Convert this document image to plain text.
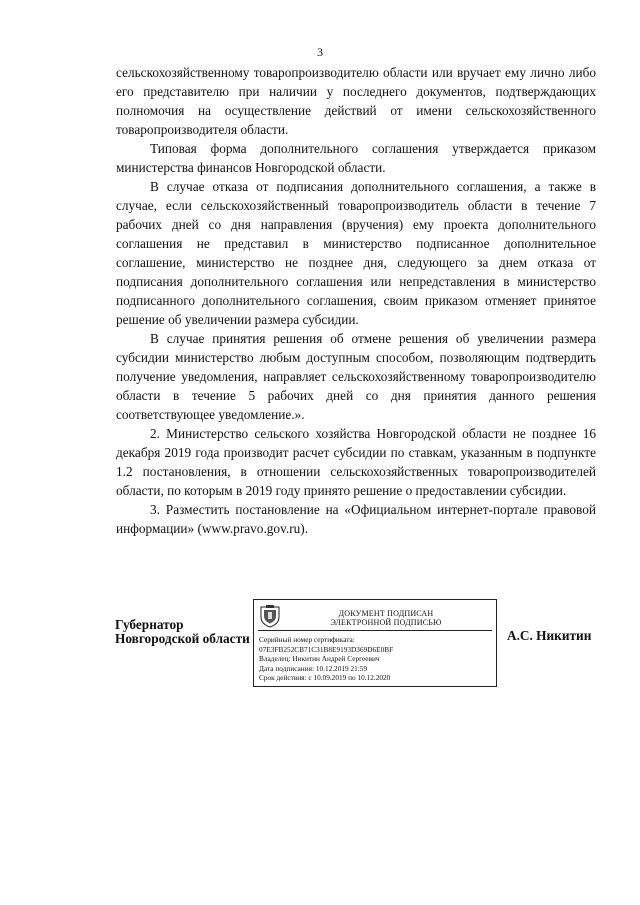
3

сельскохозяйственному товаропроизводителю области или вручает ему лично либо его представителю при наличии у последнего документов, подтверждающих полномочия на осуществление действий от имени сельскохозяйственного товаропроизводителя области.

Типовая форма дополнительного соглашения утверждается приказом министерства финансов Новгородской области.

В случае отказа от подписания дополнительного соглашения, а также в случае, если сельскохозяйственный товаропроизводитель области в течение 7 рабочих дней со дня направления (вручения) ему проекта дополнительного соглашения не представил в министерство подписанное дополнительное соглашение, министерство не позднее дня, следующего за днем отказа от подписания дополнительного соглашения или непредставления в министерство подписанного дополнительного соглашения, своим приказом отменяет принятое решение об увеличении размера субсидии.

В случае принятия решения об отмене решения об увеличении размера субсидии министерство любым доступным способом, позволяющим подтвердить получение уведомления, направляет сельскохозяйственному товаропроизводителю области в течение 5 рабочих дней со дня принятия данного решения соответствующее уведомление.».

2. Министерство сельского хозяйства Новгородской области не позднее 16 декабря 2019 года производит расчет субсидии по ставкам, указанным в подпункте 1.2 постановления, в отношении сельскохозяйственных товаропроизводителей области, по которым в 2019 году принято решение о предоставлении субсидии.

3. Разместить постановление на «Официальном интернет-портале правовой информации» (www.pravo.gov.ru).

Губернатор
Новгородской области
ДОКУМЕНТ ПОДПИСАН
ЭЛЕКТРОННОЙ ПОДПИСЬЮ
Серийный номер сертификата:
07E3FB252CB71C31B8E9193D369D6E0BF
Владелец: Никитин Андрей Сергеевич
Дата подписания: 10.12.2019 21:59
Срок действия: с 10.09.2019 по 10.12.2020
А.С. Никитин
